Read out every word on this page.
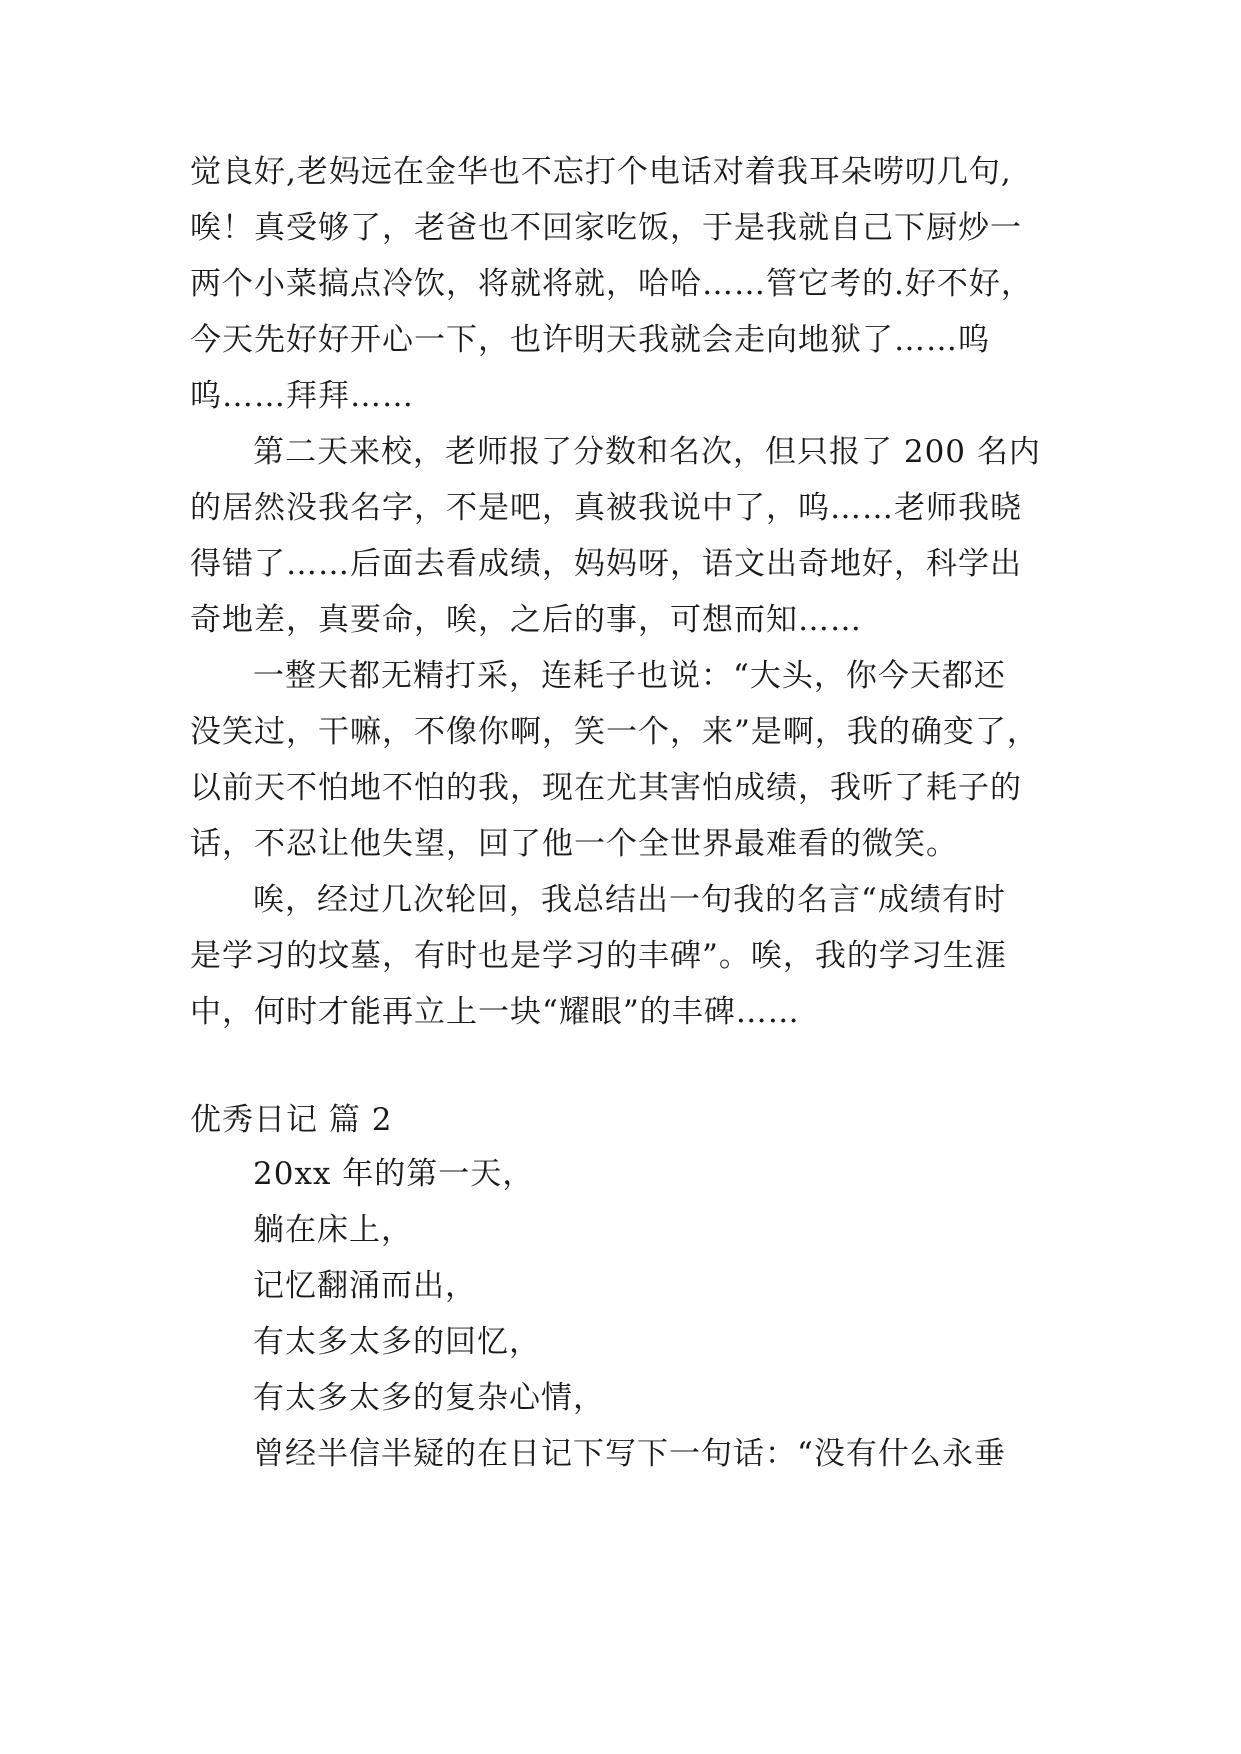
觉良好,老妈远在金华也不忘打个电话对着我耳朵唠叨几句,
唉！真受够了，老爸也不回家吃饭，于是我就自己下厨炒一
两个小菜搞点冷饮，将就将就，哈哈……管它考的.好不好，
今天先好好开心一下，也许明天我就会走向地狱了……呜
呜……拜拜……
第二天来校，老师报了分数和名次，但只报了 200 名内
的居然没我名字，不是吧，真被我说中了，呜……老师我晓
得错了……后面去看成绩，妈妈呀，语文出奇地好，科学出
奇地差，真要命，唉，之后的事，可想而知……
一整天都无精打采，连耗子也说：“大头，你今天都还
没笑过，干嘛，不像你啊，笑一个，来”是啊，我的确变了，
以前天不怕地不怕的我，现在尤其害怕成绩，我听了耗子的
话，不忍让他失望，回了他一个全世界最难看的微笑。
唉，经过几次轮回，我总结出一句我的名言“成绩有时
是学习的坟墓，有时也是学习的丰碑”。唉，我的学习生涯
中，何时才能再立上一块“耀眼”的丰碑……
优秀日记 篇 2
20xx 年的第一天，
躺在床上，
记忆翻涌而出，
有太多太多的回忆，
有太多太多的复杂心情，
曾经半信半疑的在日记下写下一句话：“没有什么永垂
